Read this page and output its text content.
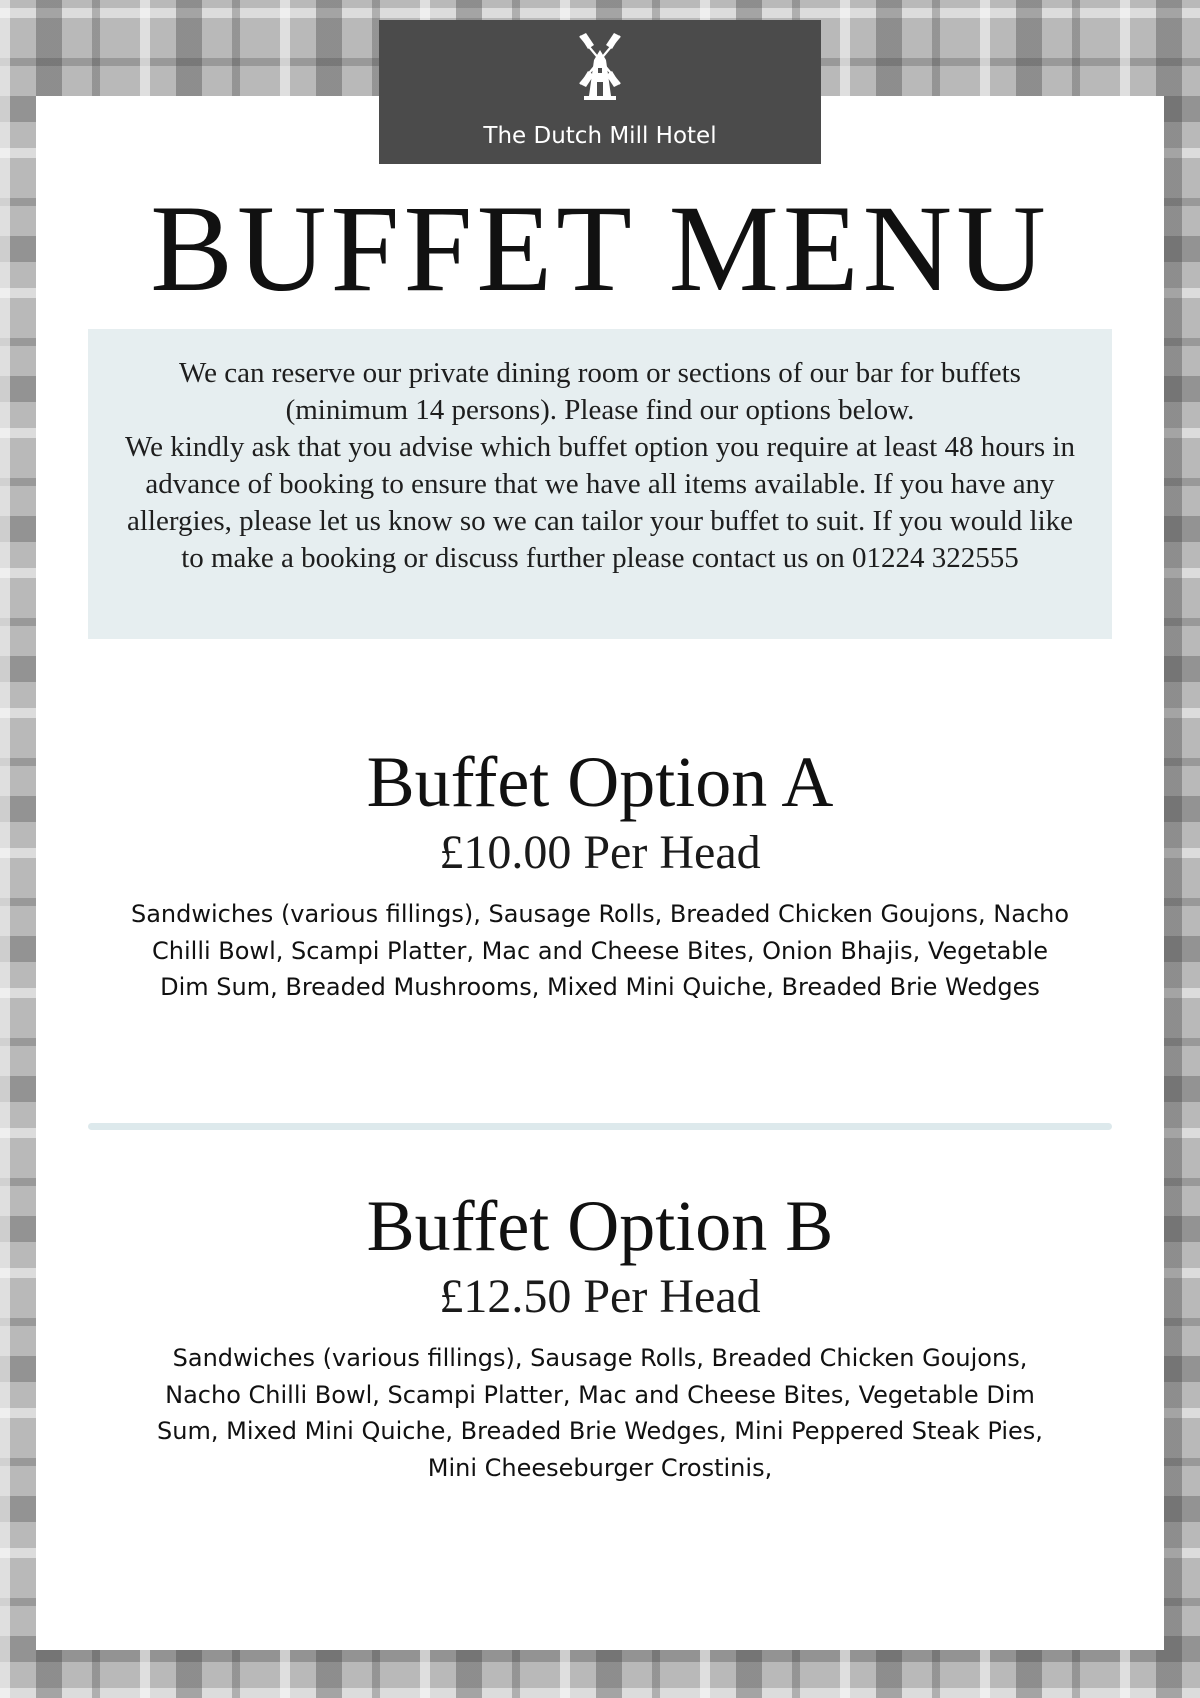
The Dutch Mill Hotel
BUFFET MENU

We can reserve our private dining room or sections of our bar for buffets (minimum 14 persons). Please find our options below.

We kindly ask that you advise which buffet option you require at least 48 hours in advance of booking to ensure that we have all items available. If you have any allergies, please let us know so we can tailor your buffet to suit. If you would like to make a booking or discuss further please contact us on 01224 322555

Buffet Option A

£10.00 Per Head

Sandwiches (various fillings), Sausage Rolls, Breaded Chicken Goujons, Nacho Chilli Bowl, Scampi Platter, Mac and Cheese Bites, Onion Bhajis, Vegetable Dim Sum, Breaded Mushrooms, Mixed Mini Quiche, Breaded Brie Wedges

Buffet Option B

£12.50 Per Head

Sandwiches (various fillings), Sausage Rolls, Breaded Chicken Goujons, Nacho Chilli Bowl, Scampi Platter, Mac and Cheese Bites, Vegetable Dim Sum, Mixed Mini Quiche, Breaded Brie Wedges, Mini Peppered Steak Pies, Mini Cheeseburger Crostinis,
